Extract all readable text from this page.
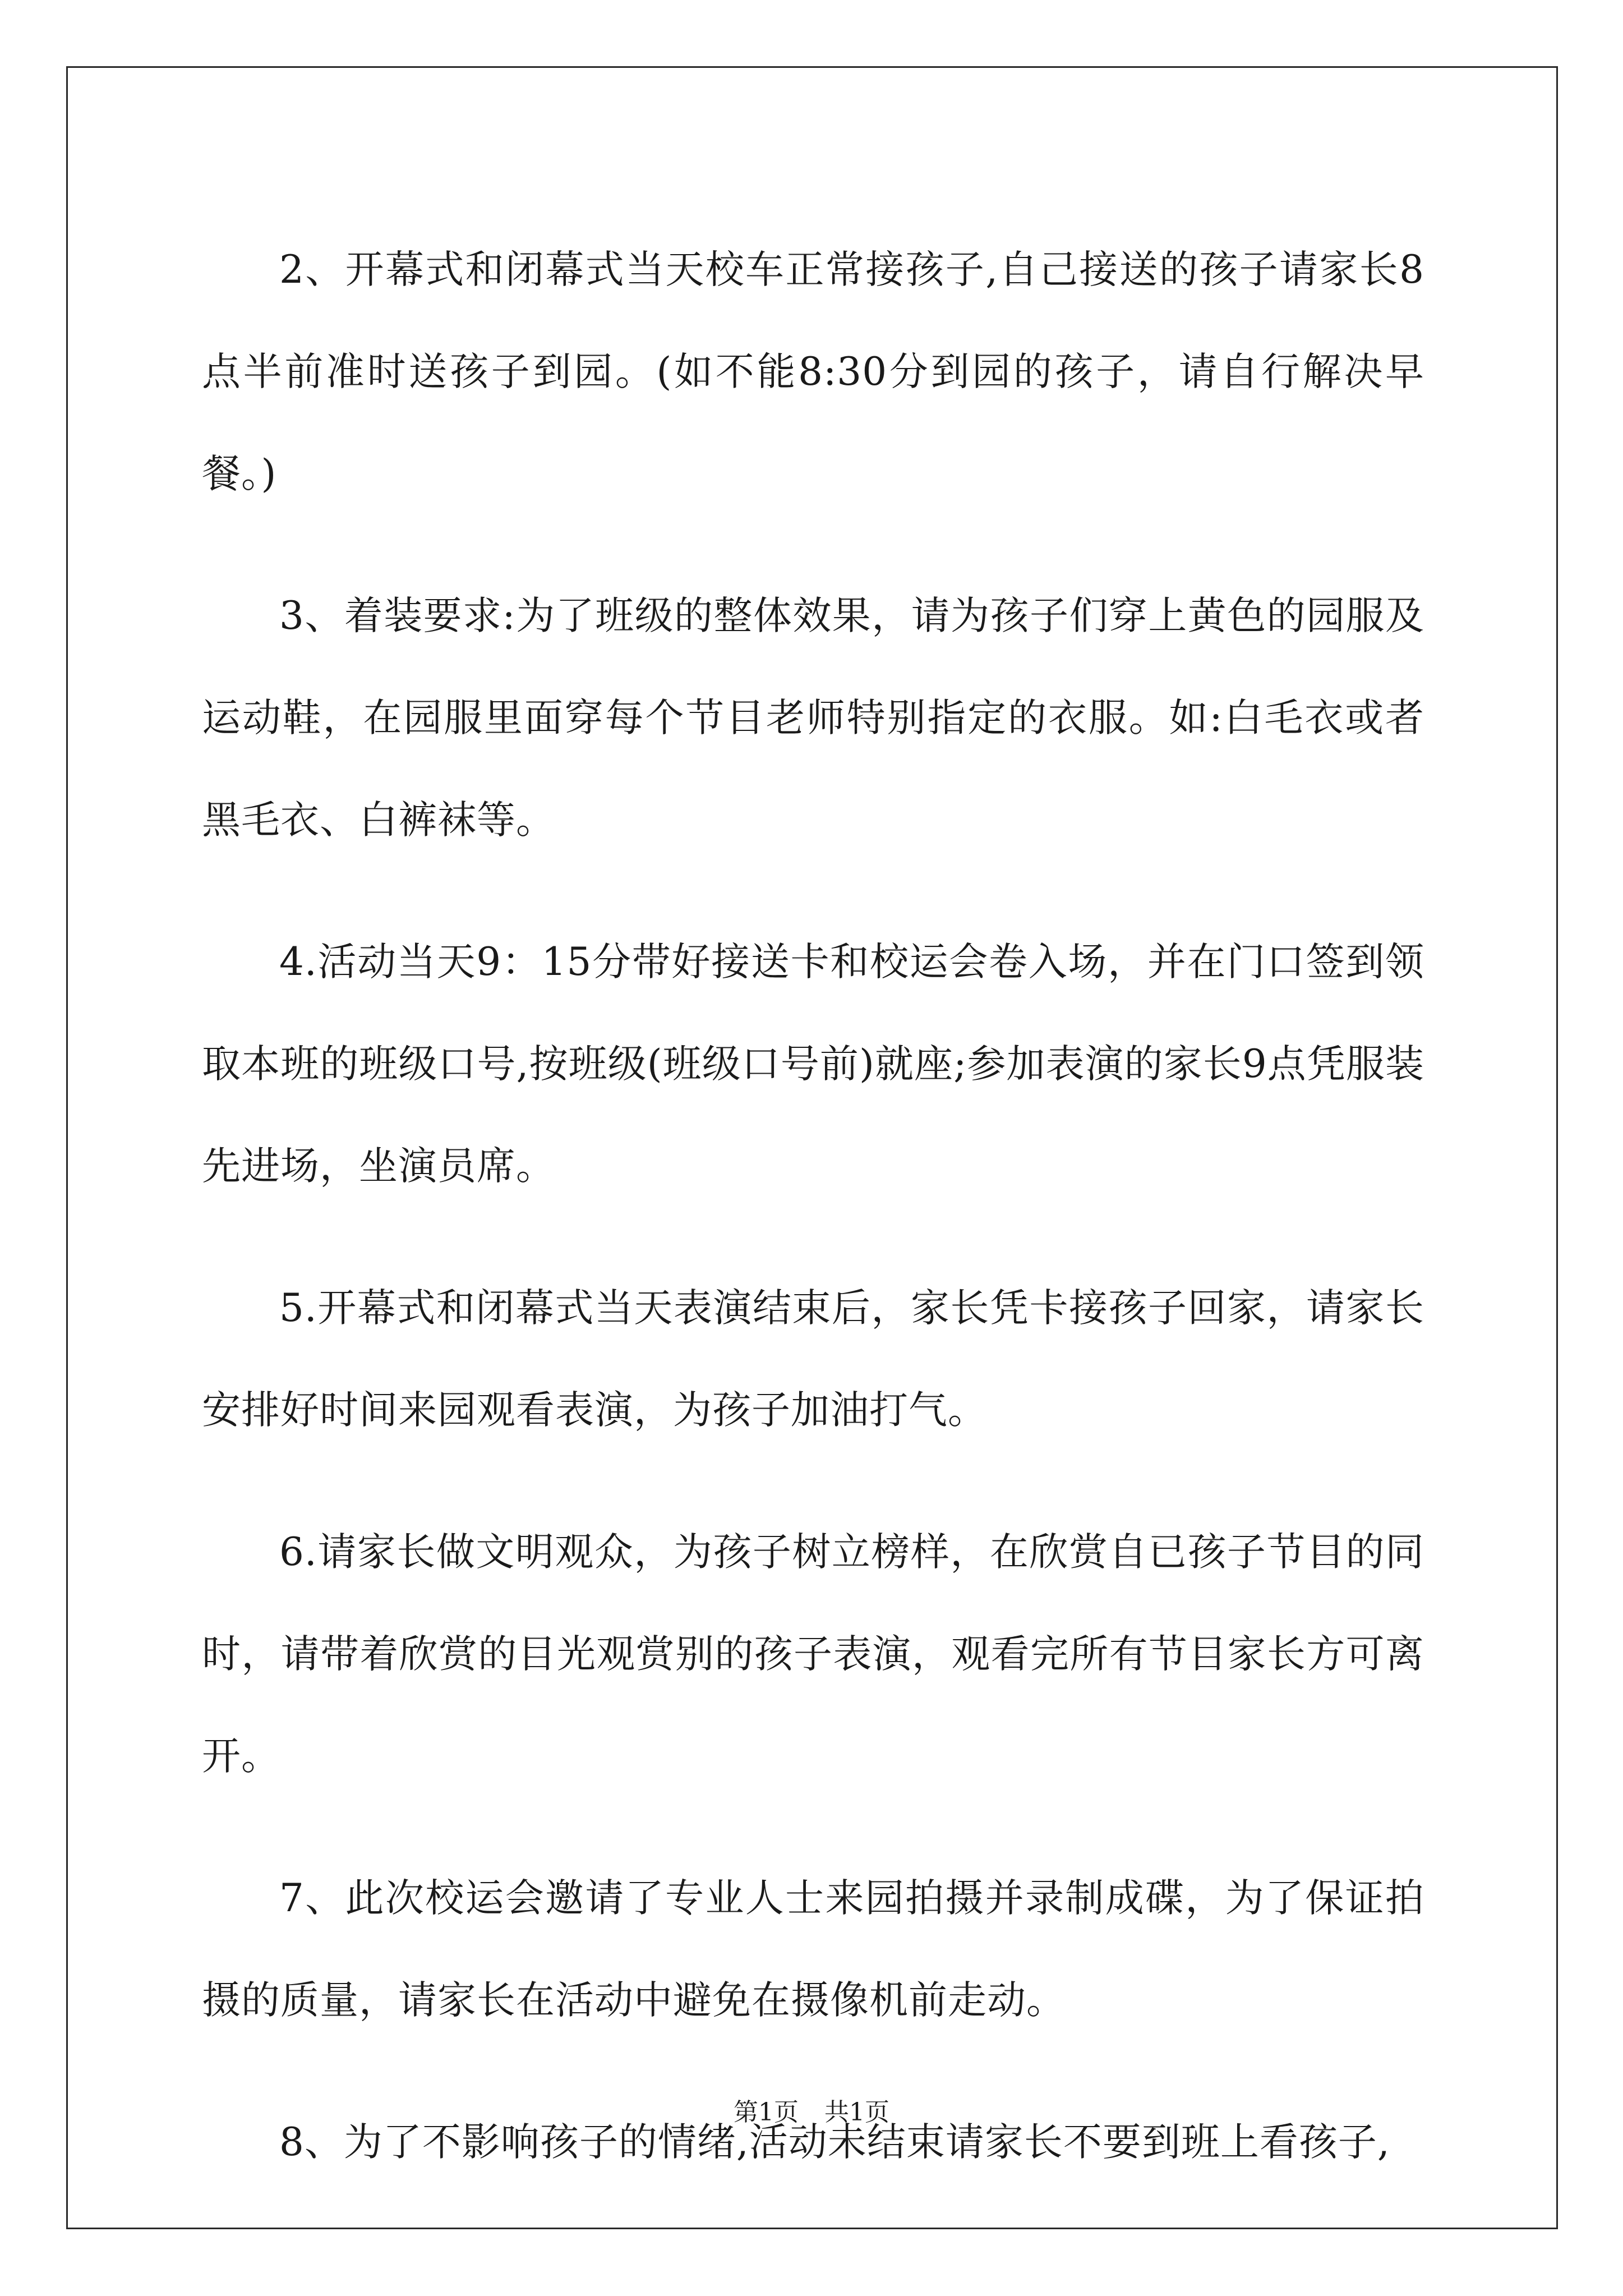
2、开幕式和闭幕式当天校车正常接孩子,自己接送的孩子请家长8点半前准时送孩子到园。(如不能8:30分到园的孩子，请自行解决早餐。)

3、着装要求:为了班级的整体效果，请为孩子们穿上黄色的园服及运动鞋，在园服里面穿每个节目老师特别指定的衣服。如:白毛衣或者黑毛衣、白裤袜等。

4.活动当天9：15分带好接送卡和校运会卷入场，并在门口签到领取本班的班级口号,按班级(班级口号前)就座;参加表演的家长9点凭服装先进场，坐演员席。

5.开幕式和闭幕式当天表演结束后，家长凭卡接孩子回家，请家长安排好时间来园观看表演，为孩子加油打气。

6.请家长做文明观众，为孩子树立榜样，在欣赏自已孩子节目的同时，请带着欣赏的目光观赏别的孩子表演，观看完所有节目家长方可离开。

7、此次校运会邀请了专业人士来园拍摄并录制成碟，为了保证拍摄的质量，请家长在活动中避免在摄像机前走动。

8、为了不影响孩子的情绪,活动未结束请家长不要到班上看孩子,

第1页 共1页
